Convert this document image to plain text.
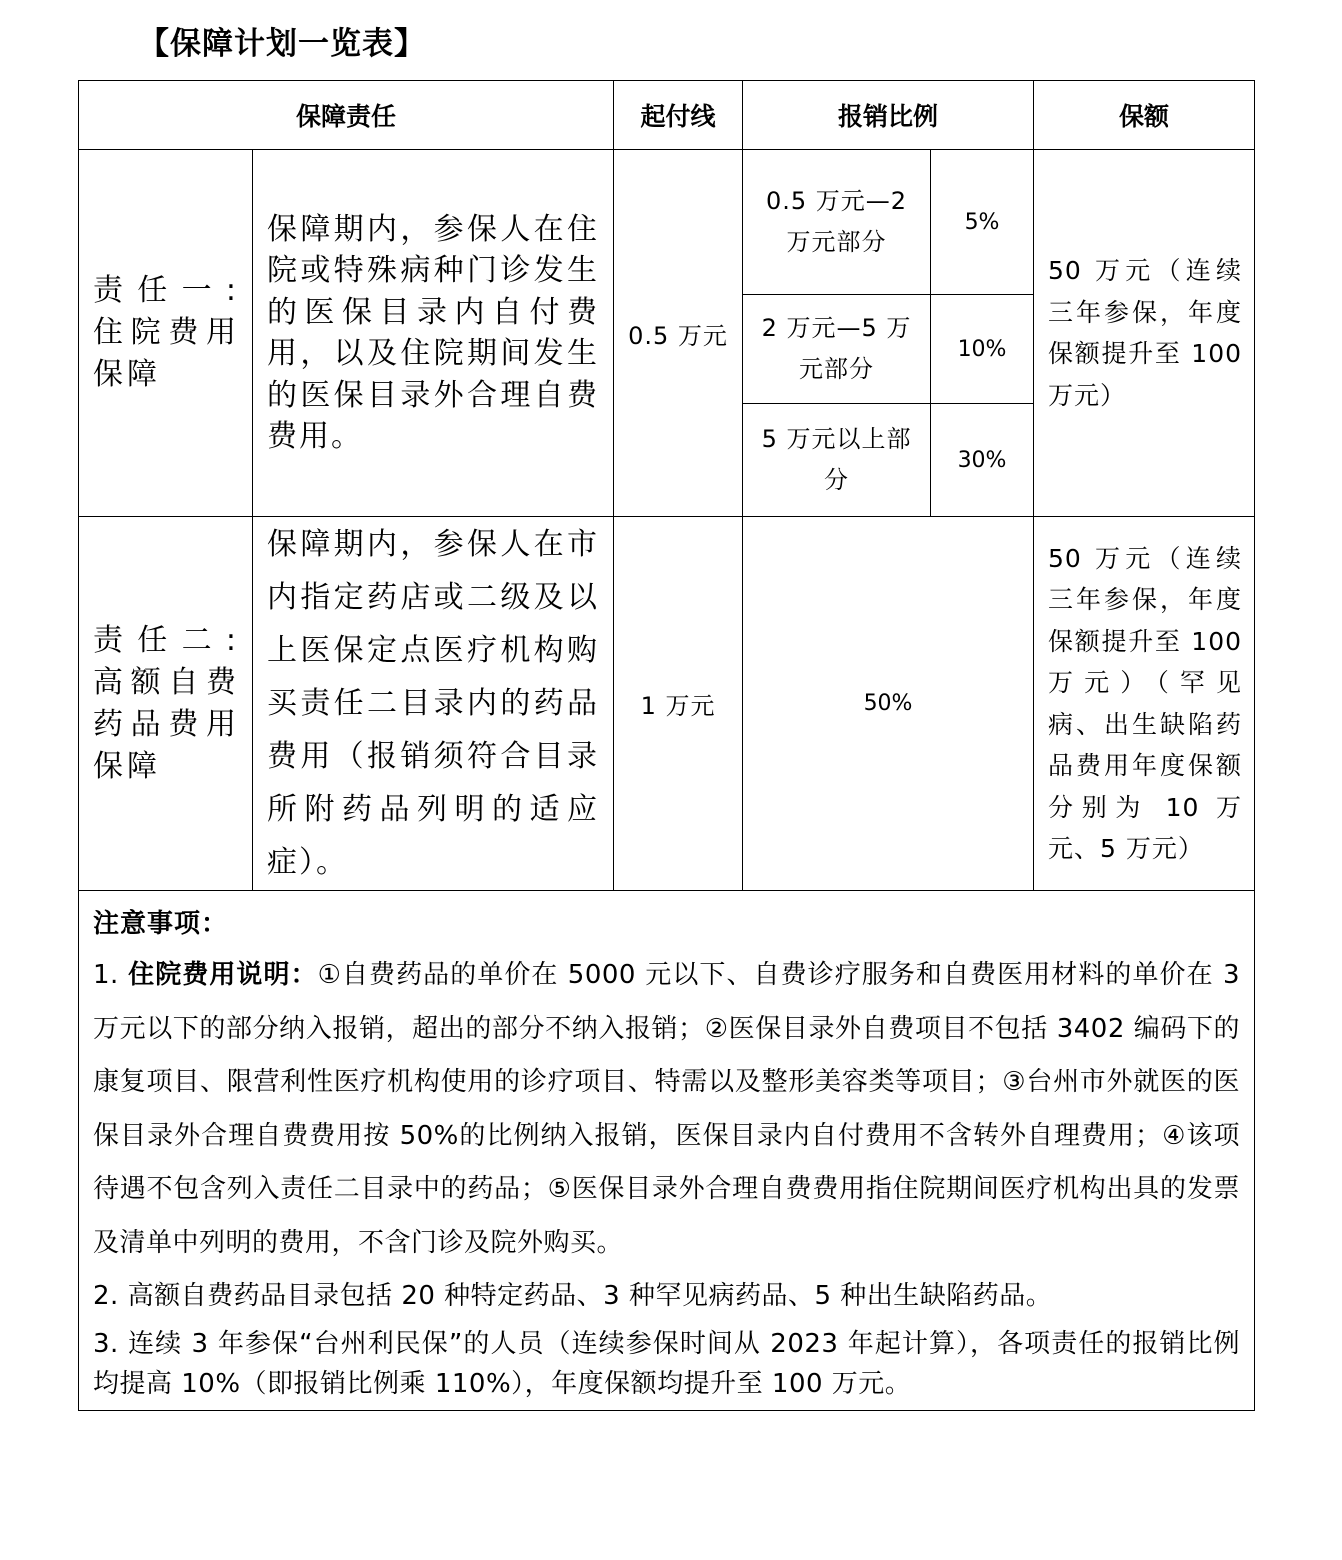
【保障计划一览表】
保障责任		起付线	报销比例		保额
责任一:住院费用保障	保障期内，参保人在住院或特殊病种门诊发生的医保目录内自付费用，以及住院期间发生的医保目录外合理自费费用。	0.5 万元	0.5 万元—2 万元部分	5%	50 万元（连续三年参保，年度保额提升至 100 万元）
			2 万元—5 万元部分	10%	
			5 万元以上部分	30%	
责任二:高额自费药品费用保障	保障期内，参保人在市内指定药店或二级及以上医保定点医疗机构购买责任二目录内的药品费用（报销须符合目录所附药品列明的适应症）。	1 万元	50%		50 万元（连续三年参保，年度保额提升至 100 万元）（罕见病、出生缺陷药品费用年度保额分别为 10 万元、5 万元）

注意事项：
1. 住院费用说明：①自费药品的单价在 5000 元以下、自费诊疗服务和自费医用材料的单价在 3 万元以下的部分纳入报销，超出的部分不纳入报销；②医保目录外自费项目不包括 3402 编码下的康复项目、限营利性医疗机构使用的诊疗项目、特需以及整形美容类等项目；③台州市外就医的医保目录外合理自费费用按 50%的比例纳入报销，医保目录内自付费用不含转外自理费用；④该项待遇不包含列入责任二目录中的药品；⑤医保目录外合理自费费用指住院期间医疗机构出具的发票及清单中列明的费用，不含门诊及院外购买。
2. 高额自费药品目录包括 20 种特定药品、3 种罕见病药品、5 种出生缺陷药品。
3. 连续 3 年参保“台州利民保”的人员（连续参保时间从 2023 年起计算），各项责任的报销比例均提高 10%（即报销比例乘 110%），年度保额均提升至 100 万元。					
